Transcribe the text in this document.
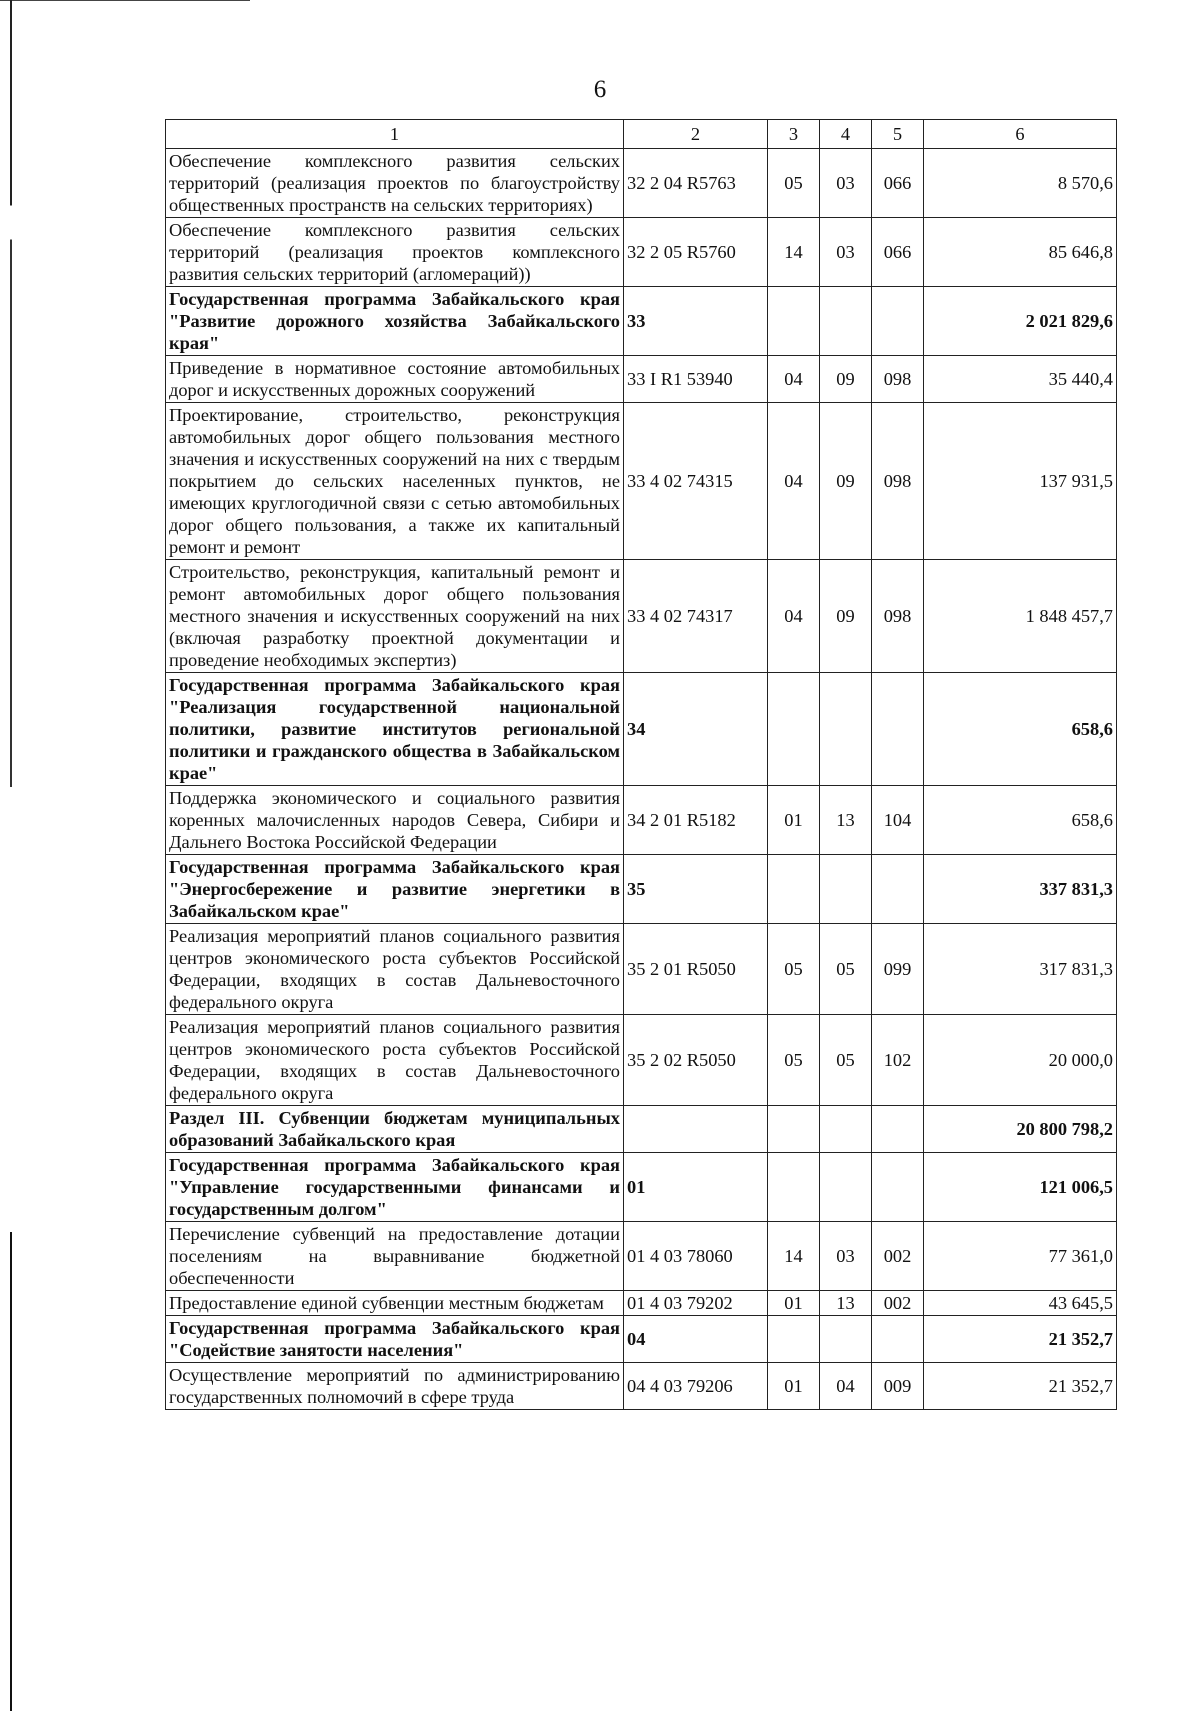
6
1	2	3	4	5	6
Обеспечение комплексного развития сельских территорий (реализация проектов по благоустройству общественных пространств на сельских территориях)	32 2 04 R5763	05	03	066	8 570,6
Обеспечение комплексного развития сельских территорий (реализация проектов комплексного развития сельских территорий (агломераций))	32 2 05 R5760	14	03	066	85 646,8
Государственная программа Забайкальского края "Развитие дорожного хозяйства Забайкальского края"	33				2 021 829,6
Приведение в нормативное состояние автомобильных дорог и искусственных дорожных сооружений	33 I R1 53940	04	09	098	35 440,4
Проектирование, строительство, реконструкция автомобильных дорог общего пользования местного значения и искусственных сооружений на них с твердым покрытием до сельских населенных пунктов, не имеющих круглогодичной связи с сетью автомобильных дорог общего пользования, а также их капитальный ремонт и ремонт	33 4 02 74315	04	09	098	137 931,5
Строительство, реконструкция, капитальный ремонт и ремонт автомобильных дорог общего пользования местного значения и искусственных сооружений на них (включая разработку проектной документации и проведение необходимых экспертиз)	33 4 02 74317	04	09	098	1 848 457,7
Государственная программа Забайкальского края "Реализация государственной национальной политики, развитие институтов региональной политики и гражданского общества в Забайкальском крае"	34				658,6
Поддержка экономического и социального развития коренных малочисленных народов Севера, Сибири и Дальнего Востока Российской Федерации	34 2 01 R5182	01	13	104	658,6
Государственная программа Забайкальского края "Энергосбережение и развитие энергетики в Забайкальском крае"	35				337 831,3
Реализация мероприятий планов социального развития центров экономического роста субъектов Российской Федерации, входящих в состав Дальневосточного федерального округа	35 2 01 R5050	05	05	099	317 831,3
Реализация мероприятий планов социального развития центров экономического роста субъектов Российской Федерации, входящих в состав Дальневосточного федерального округа	35 2 02 R5050	05	05	102	20 000,0
Раздел III. Субвенции бюджетам муниципальных образований Забайкальского края					20 800 798,2
Государственная программа Забайкальского края "Управление государственными финансами и государственным долгом"	01				121 006,5
Перечисление субвенций на предоставление дотации поселениям на выравнивание бюджетной обеспеченности	01 4 03 78060	14	03	002	77 361,0
Предоставление единой субвенции местным бюджетам	01 4 03 79202	01	13	002	43 645,5
Государственная программа Забайкальского края "Содействие занятости населения"	04				21 352,7
Осуществление мероприятий по администрированию государственных полномочий в сфере труда	04 4 03 79206	01	04	009	21 352,7
